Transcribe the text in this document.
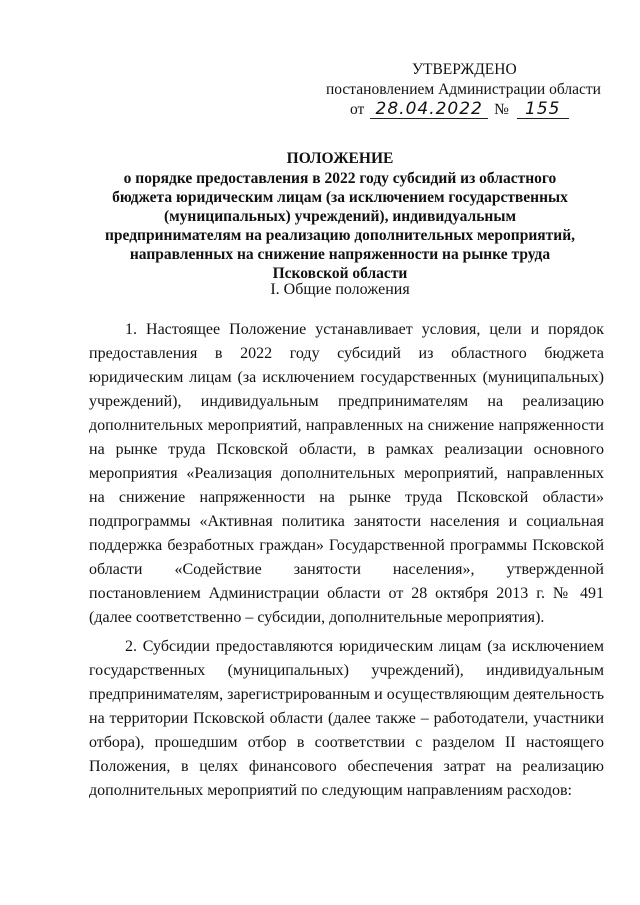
УТВЕРЖДЕНО
постановлением Администрации области
от 28.04.2022 № 155
ПОЛОЖЕНИЕ
о порядке предоставления в 2022 году субсидий из областного бюджета юридическим лицам (за исключением государственных (муниципальных) учреждений), индивидуальным предпринимателям на реализацию дополнительных мероприятий, направленных на снижение напряженности на рынке труда Псковской области
I. Общие положения

1. Настоящее Положение устанавливает условия, цели и порядок предоставления в 2022 году субсидий из областного бюджета юридическим лицам (за исключением государственных (муниципальных) учреждений), индивидуальным предпринимателям на реализацию дополнительных мероприятий, направленных на снижение напряженности на рынке труда Псковской области, в рамках реализации основного мероприятия «Реализация дополнительных мероприятий, направленных на снижение напряженности на рынке труда Псковской области» подпрограммы «Активная политика занятости населения и социальная поддержка безработных граждан» Государственной программы Псковской области «Содействие занятости населения», утвержденной постановлением Администрации области от 28 октября 2013 г. № 491 (далее соответственно – субсидии, дополнительные мероприятия).

2. Субсидии предоставляются юридическим лицам (за исключением государственных (муниципальных) учреждений), индивидуальным предпринимателям, зарегистрированным и осуществляющим деятельность на территории Псковской области (далее также – работодатели, участники отбора), прошедшим отбор в соответствии с разделом II настоящего Положения, в целях финансового обеспечения затрат на реализацию дополнительных мероприятий по следующим направлениям расходов:
